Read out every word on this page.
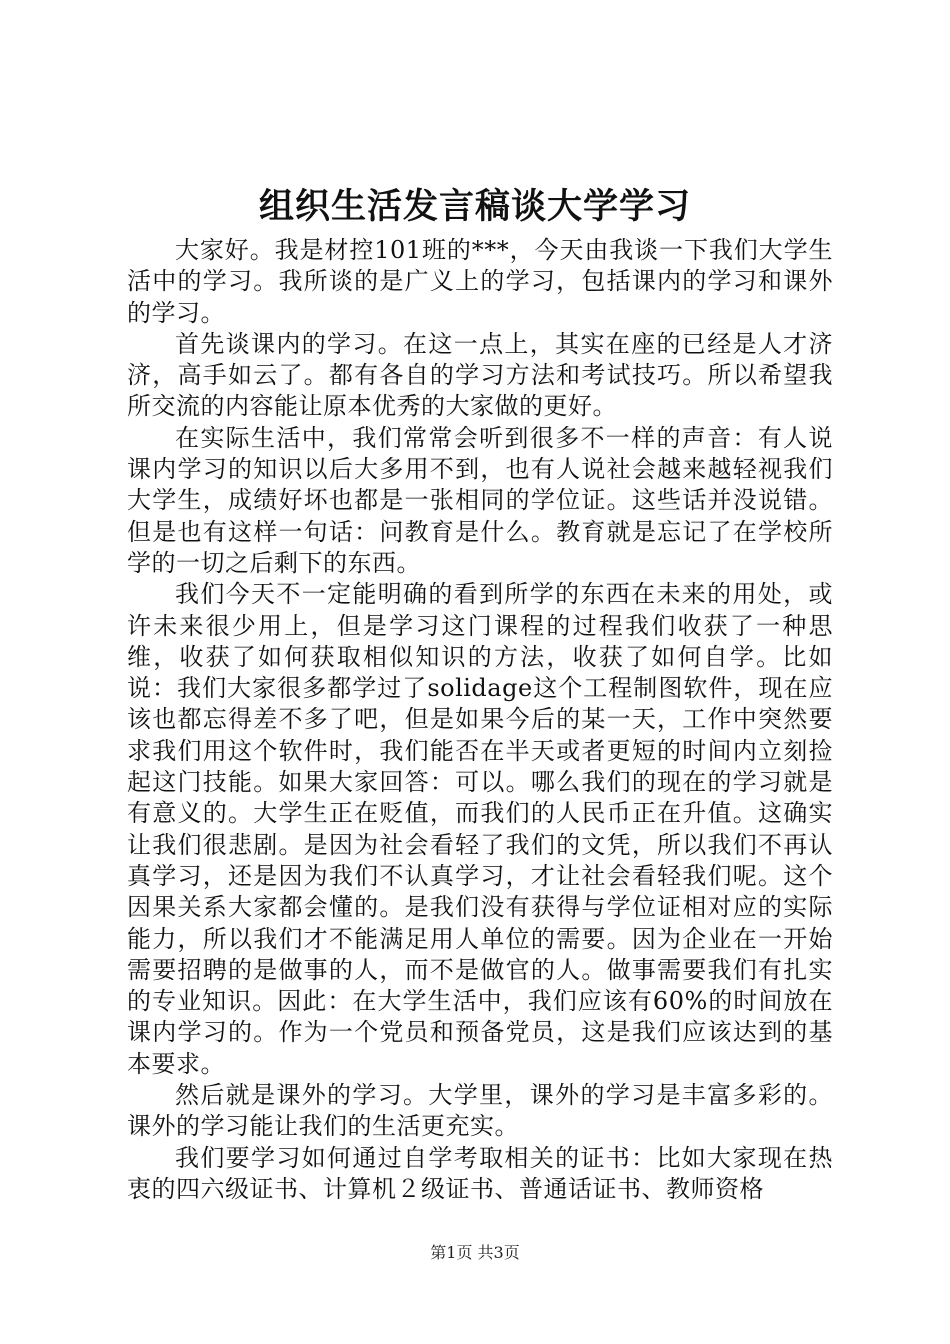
组织生活发言稿谈大学学习

大家好。我是材控101班的***，今天由我谈一下我们大学生活中的学习。我所谈的是广义上的学习，包括课内的学习和课外的学习。

首先谈课内的学习。在这一点上，其实在座的已经是人才济济，高手如云了。都有各自的学习方法和考试技巧。所以希望我所交流的内容能让原本优秀的大家做的更好。

在实际生活中，我们常常会听到很多不一样的声音：有人说课内学习的知识以后大多用不到，也有人说社会越来越轻视我们大学生，成绩好坏也都是一张相同的学位证。这些话并没说错。但是也有这样一句话：问教育是什么。教育就是忘记了在学校所学的一切之后剩下的东西。

我们今天不一定能明确的看到所学的东西在未来的用处，或许未来很少用上，但是学习这门课程的过程我们收获了一种思维，收获了如何获取相似知识的方法，收获了如何自学。比如说：我们大家很多都学过了solidage这个工程制图软件，现在应该也都忘得差不多了吧，但是如果今后的某一天，工作中突然要求我们用这个软件时，我们能否在半天或者更短的时间内立刻捡起这门技能。如果大家回答：可以。哪么我们的现在的学习就是有意义的。大学生正在贬值，而我们的人民币正在升值。这确实让我们很悲剧。是因为社会看轻了我们的文凭，所以我们不再认真学习，还是因为我们不认真学习，才让社会看轻我们呢。这个因果关系大家都会懂的。是我们没有获得与学位证相对应的实际能力，所以我们才不能满足用人单位的需要。因为企业在一开始需要招聘的是做事的人，而不是做官的人。做事需要我们有扎实的专业知识。因此：在大学生活中，我们应该有60%的时间放在课内学习的。作为一个党员和预备党员，这是我们应该达到的基本要求。

然后就是课外的学习。大学里，课外的学习是丰富多彩的。课外的学习能让我们的生活更充实。

我们要学习如何通过自学考取相关的证书：比如大家现在热衷的四六级证书、计算机２级证书、普通话证书、教师资格

第1页 共3页
